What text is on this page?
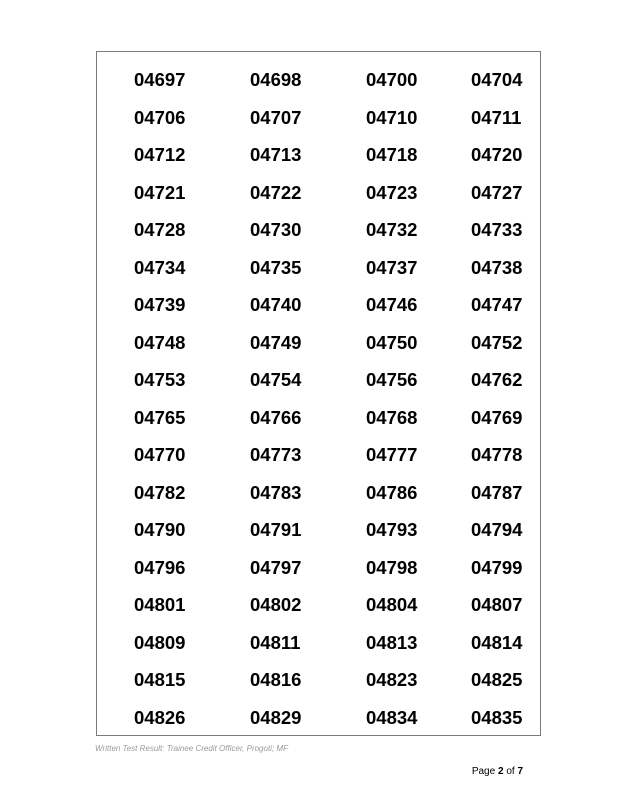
04697	04698	04700	04704
04706	04707	04710	04711
04712	04713	04718	04720
04721	04722	04723	04727
04728	04730	04732	04733
04734	04735	04737	04738
04739	04740	04746	04747
04748	04749	04750	04752
04753	04754	04756	04762
04765	04766	04768	04769
04770	04773	04777	04778
04782	04783	04786	04787
04790	04791	04793	04794
04796	04797	04798	04799
04801	04802	04804	04807
04809	04811	04813	04814
04815	04816	04823	04825
04826	04829	04834	04835
Written Test Result: Trainee Credit Officer, Progoti; MF
Page 2 of 7
